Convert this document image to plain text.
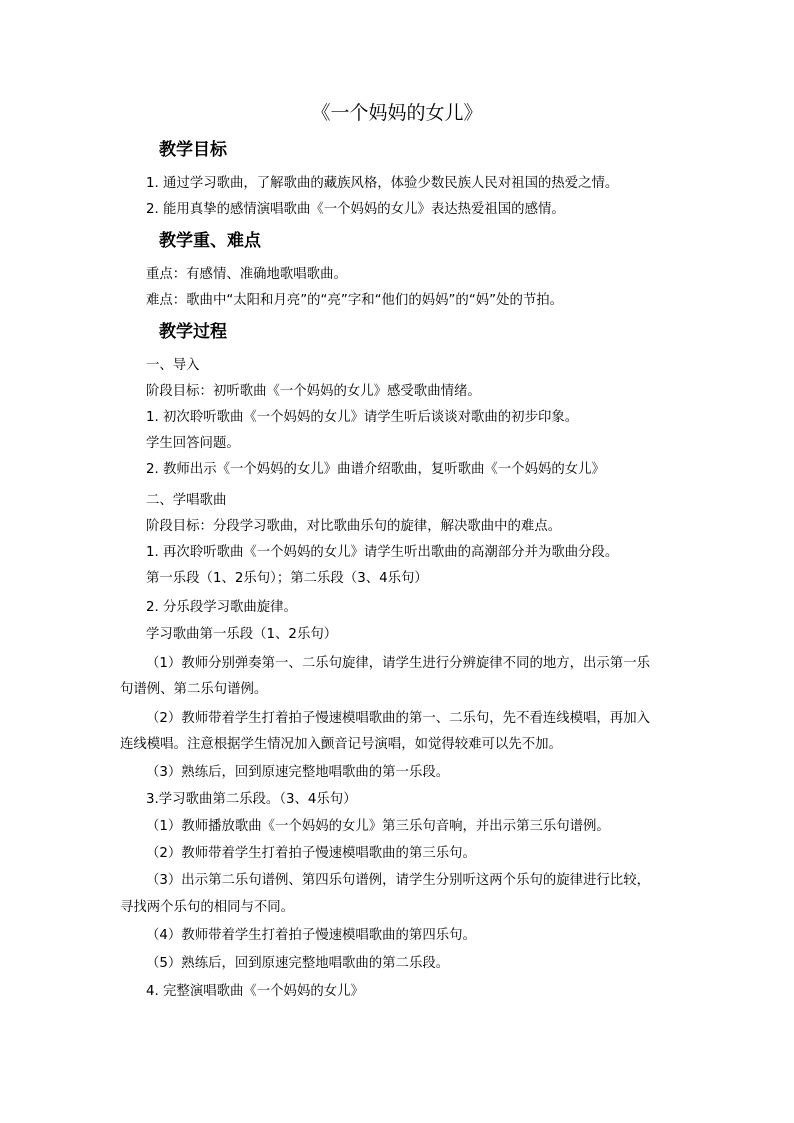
《一个妈妈的女儿》
教学目标
1. 通过学习歌曲，了解歌曲的藏族风格，体验少数民族人民对祖国的热爱之情。
2. 能用真挚的感情演唱歌曲《一个妈妈的女儿》表达热爱祖国的感情。
教学重、难点
重点：有感情、准确地歌唱歌曲。
难点：歌曲中“太阳和月亮”的“亮”字和“他们的妈妈”的“妈”处的节拍。
教学过程
一、导入
阶段目标：初听歌曲《一个妈妈的女儿》感受歌曲情绪。
1. 初次聆听歌曲《一个妈妈的女儿》请学生听后谈谈对歌曲的初步印象。
学生回答问题。
2. 教师出示《一个妈妈的女儿》曲谱介绍歌曲，复听歌曲《一个妈妈的女儿》
二、学唱歌曲
阶段目标：分段学习歌曲，对比歌曲乐句的旋律，解决歌曲中的难点。
1. 再次聆听歌曲《一个妈妈的女儿》请学生听出歌曲的高潮部分并为歌曲分段。
第一乐段（1、2乐句）；第二乐段（3、4乐句）
2. 分乐段学习歌曲旋律。
学习歌曲第一乐段（1、2乐句）
（1）教师分别弹奏第一、二乐句旋律，请学生进行分辨旋律不同的地方，出示第一乐
句谱例、第二乐句谱例。
（2）教师带着学生打着拍子慢速模唱歌曲的第一、二乐句，先不看连线模唱，再加入
连线模唱。注意根据学生情况加入颤音记号演唱，如觉得较难可以先不加。
（3）熟练后，回到原速完整地唱歌曲的第一乐段。
3.学习歌曲第二乐段。（3、4乐句）
（1）教师播放歌曲《一个妈妈的女儿》第三乐句音响，并出示第三乐句谱例。
（2）教师带着学生打着拍子慢速模唱歌曲的第三乐句。
（3）出示第二乐句谱例、第四乐句谱例，请学生分别听这两个乐句的旋律进行比较，
寻找两个乐句的相同与不同。
（4）教师带着学生打着拍子慢速模唱歌曲的第四乐句。
（5）熟练后，回到原速完整地唱歌曲的第二乐段。
4. 完整演唱歌曲《一个妈妈的女儿》
